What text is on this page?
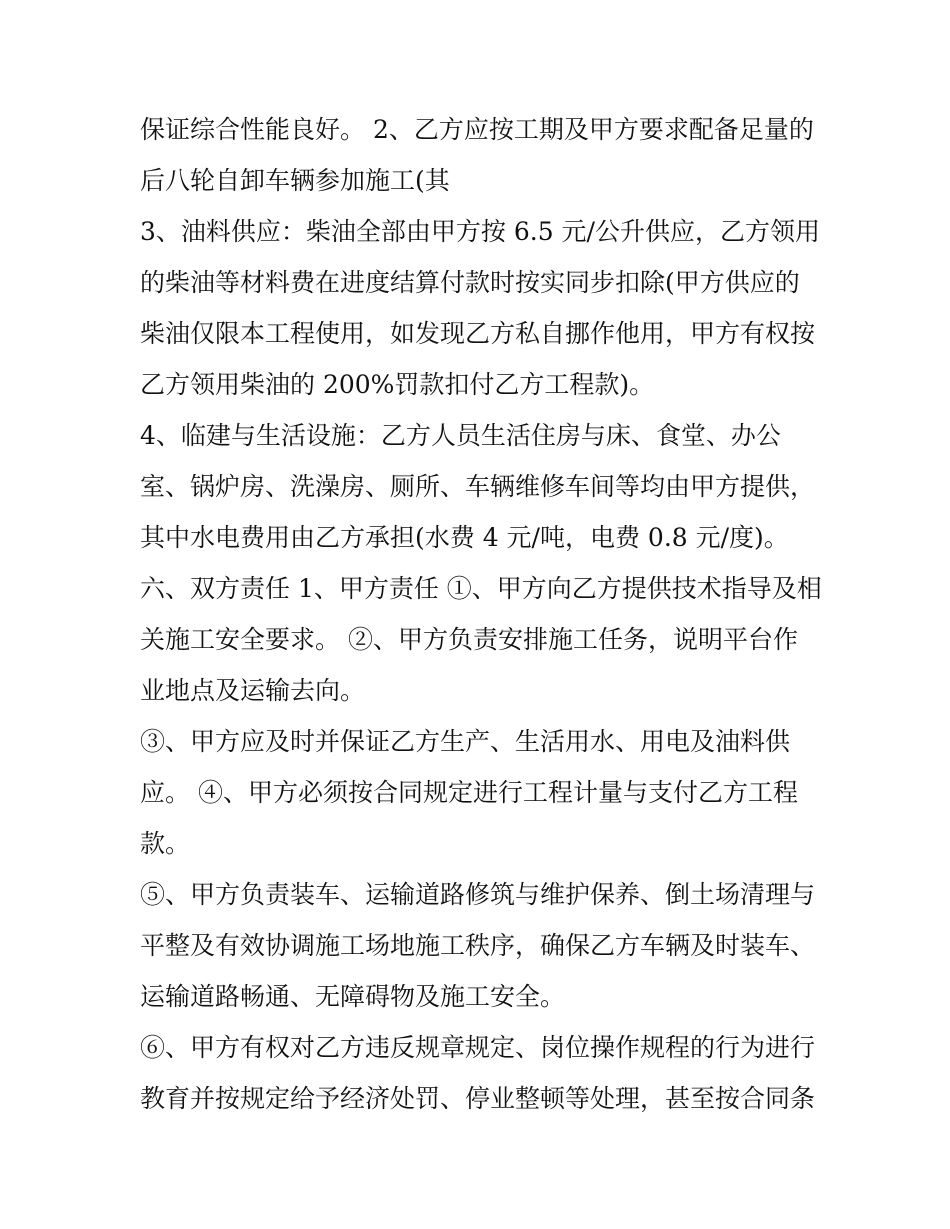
保证综合性能良好。 2、乙方应按工期及甲方要求配备足量的
后八轮自卸车辆参加施工(其
3、油料供应：柴油全部由甲方按 6.5 元/公升供应，乙方领用
的柴油等材料费在进度结算付款时按实同步扣除(甲方供应的
柴油仅限本工程使用，如发现乙方私自挪作他用，甲方有权按
乙方领用柴油的 200%罚款扣付乙方工程款)。
4、临建与生活设施：乙方人员生活住房与床、食堂、办公
室、锅炉房、洗澡房、厕所、车辆维修车间等均由甲方提供，
其中水电费用由乙方承担(水费 4 元/吨，电费 0.8 元/度)。
六、双方责任 1、甲方责任 ①、甲方向乙方提供技术指导及相
关施工安全要求。 ②、甲方负责安排施工任务，说明平台作
业地点及运输去向。
③、甲方应及时并保证乙方生产、生活用水、用电及油料供
应。 ④、甲方必须按合同规定进行工程计量与支付乙方工程
款。
⑤、甲方负责装车、运输道路修筑与维护保养、倒土场清理与
平整及有效协调施工场地施工秩序，确保乙方车辆及时装车、
运输道路畅通、无障碍物及施工安全。
⑥、甲方有权对乙方违反规章规定、岗位操作规程的行为进行
教育并按规定给予经济处罚、停业整顿等处理，甚至按合同条
